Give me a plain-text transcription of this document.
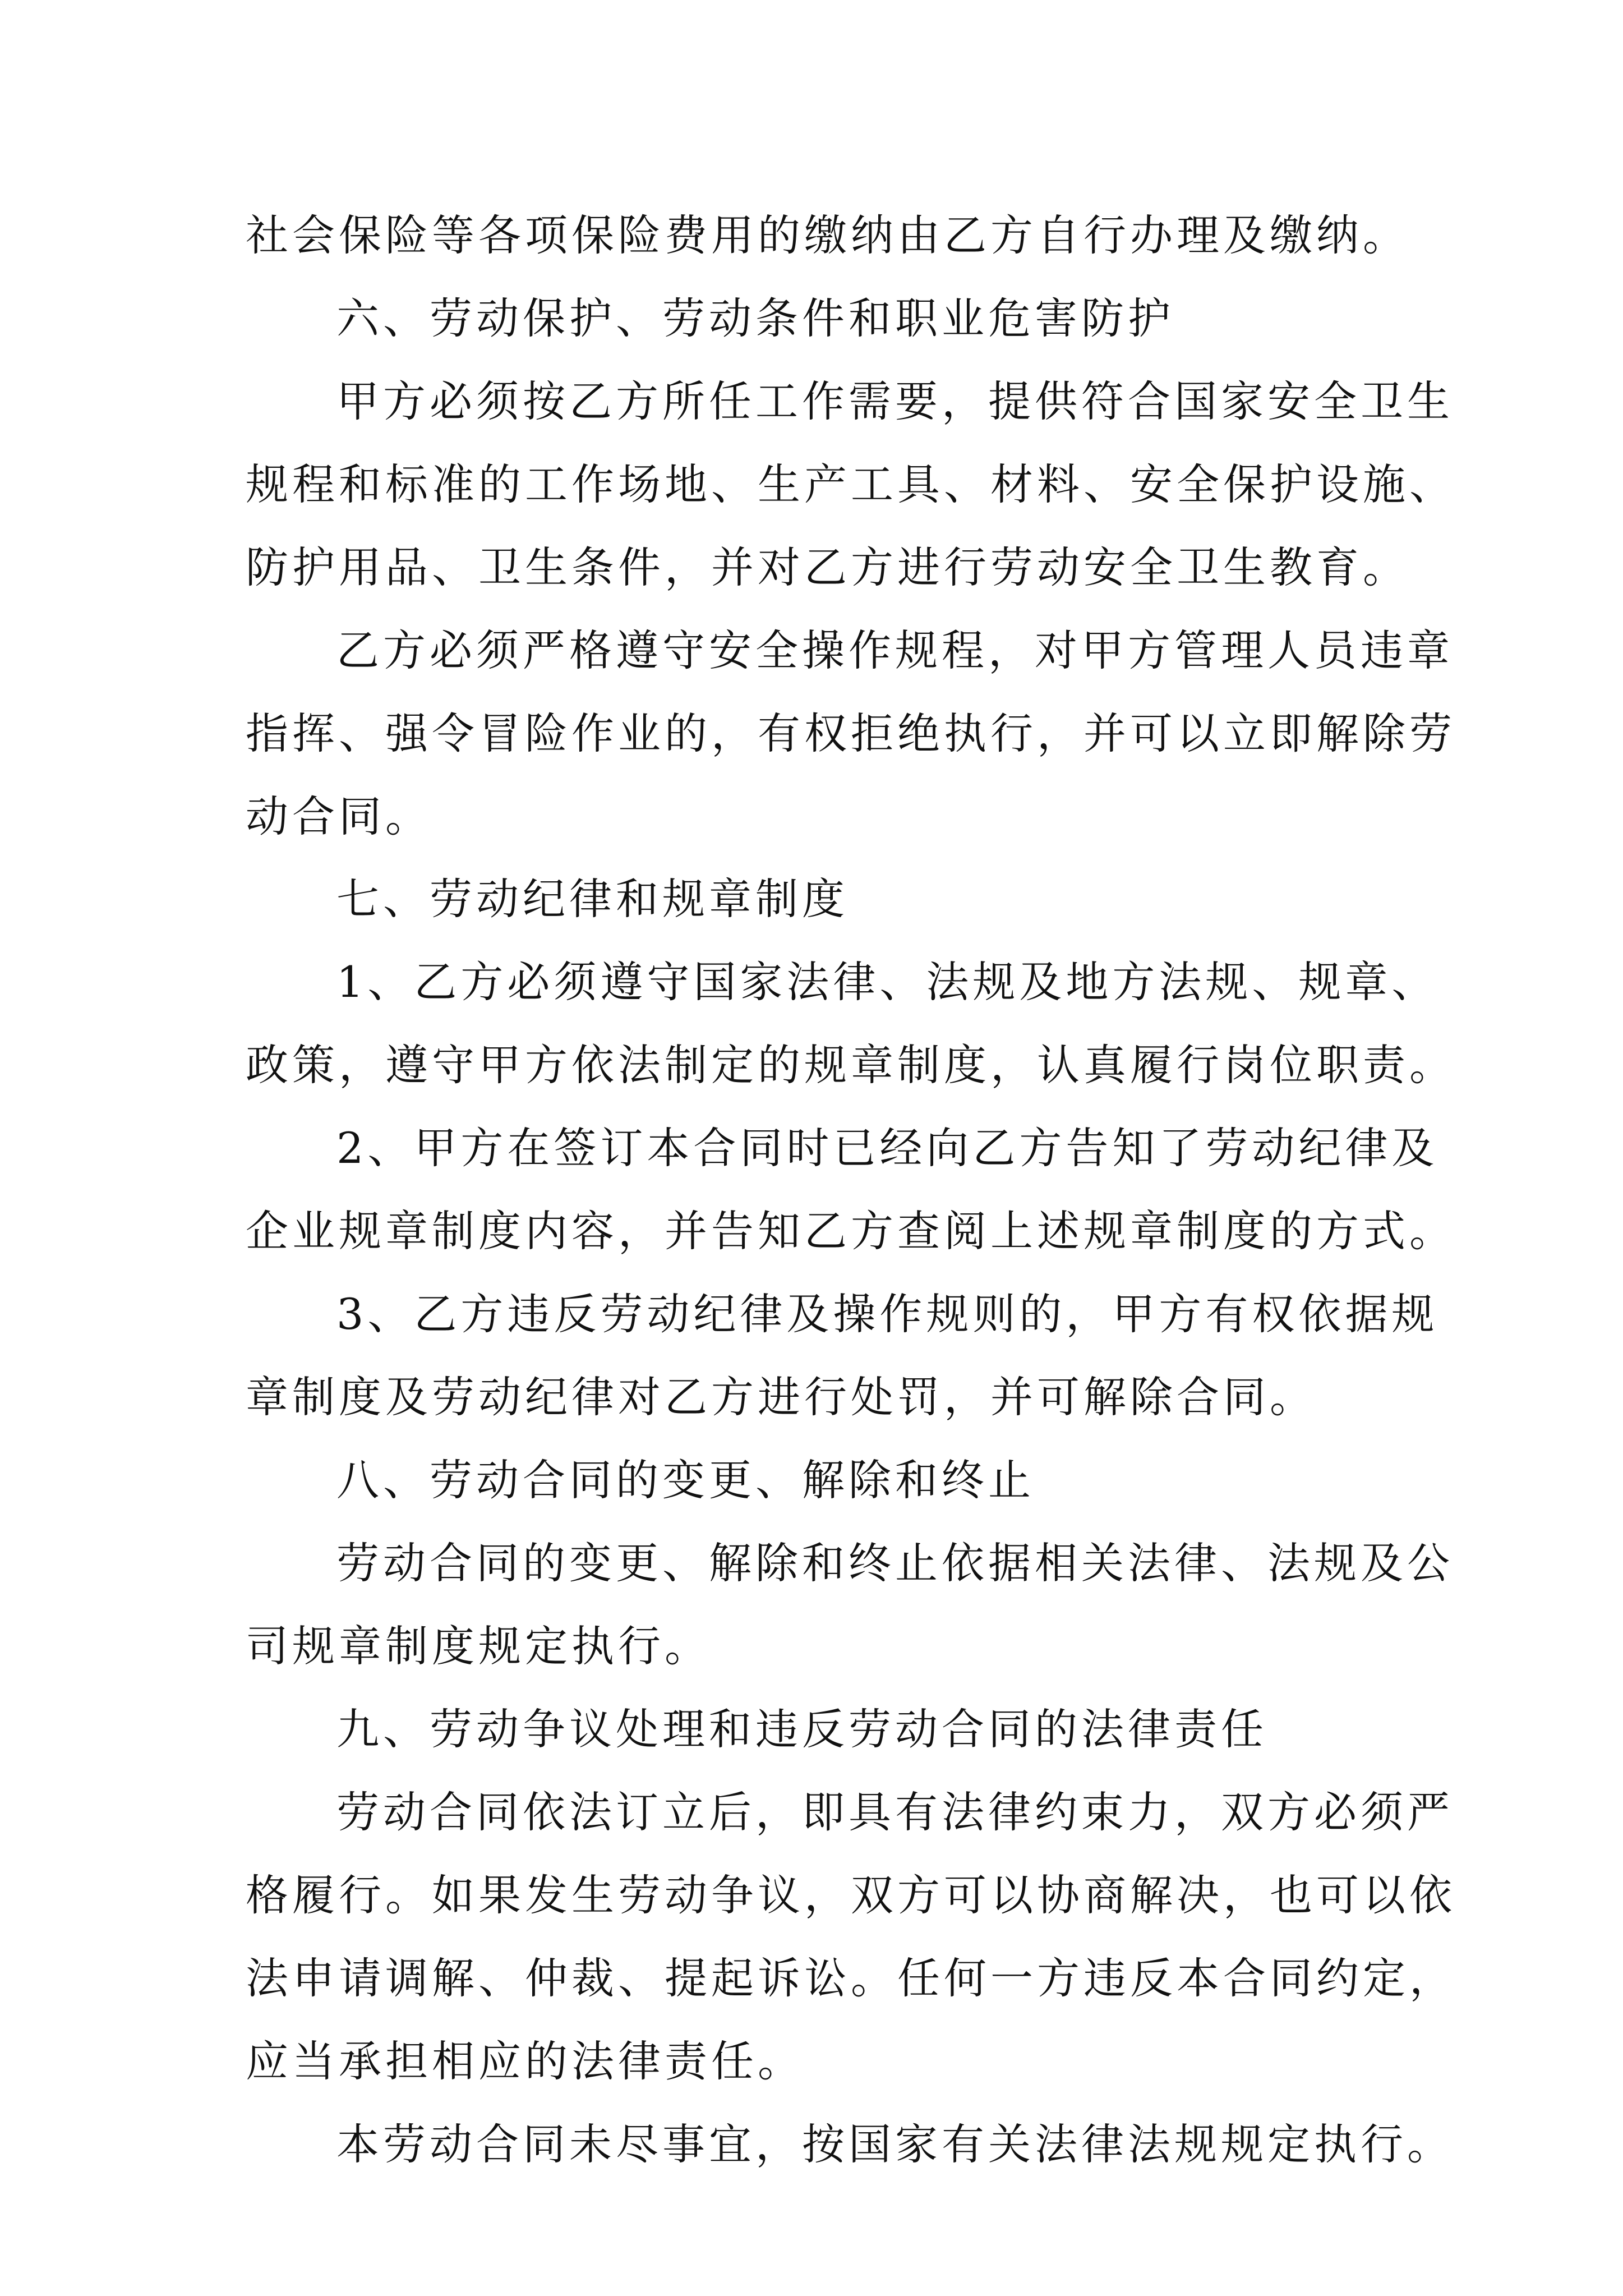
社会保险等各项保险费用的缴纳由乙方自行办理及缴纳。
六、劳动保护、劳动条件和职业危害防护
甲方必须按乙方所任工作需要，提供符合国家安全卫生
规程和标准的工作场地、生产工具、材料、安全保护设施、
防护用品、卫生条件，并对乙方进行劳动安全卫生教育。
乙方必须严格遵守安全操作规程，对甲方管理人员违章
指挥、强令冒险作业的，有权拒绝执行，并可以立即解除劳
动合同。
七、劳动纪律和规章制度
1、乙方必须遵守国家法律、法规及地方法规、规章、
政策，遵守甲方依法制定的规章制度，认真履行岗位职责。
2、甲方在签订本合同时已经向乙方告知了劳动纪律及
企业规章制度内容，并告知乙方查阅上述规章制度的方式。
3、乙方违反劳动纪律及操作规则的，甲方有权依据规
章制度及劳动纪律对乙方进行处罚，并可解除合同。
八、劳动合同的变更、解除和终止
劳动合同的变更、解除和终止依据相关法律、法规及公
司规章制度规定执行。
九、劳动争议处理和违反劳动合同的法律责任
劳动合同依法订立后，即具有法律约束力，双方必须严
格履行。如果发生劳动争议，双方可以协商解决，也可以依
法申请调解、仲裁、提起诉讼。任何一方违反本合同约定，
应当承担相应的法律责任。
本劳动合同未尽事宜，按国家有关法律法规规定执行。
